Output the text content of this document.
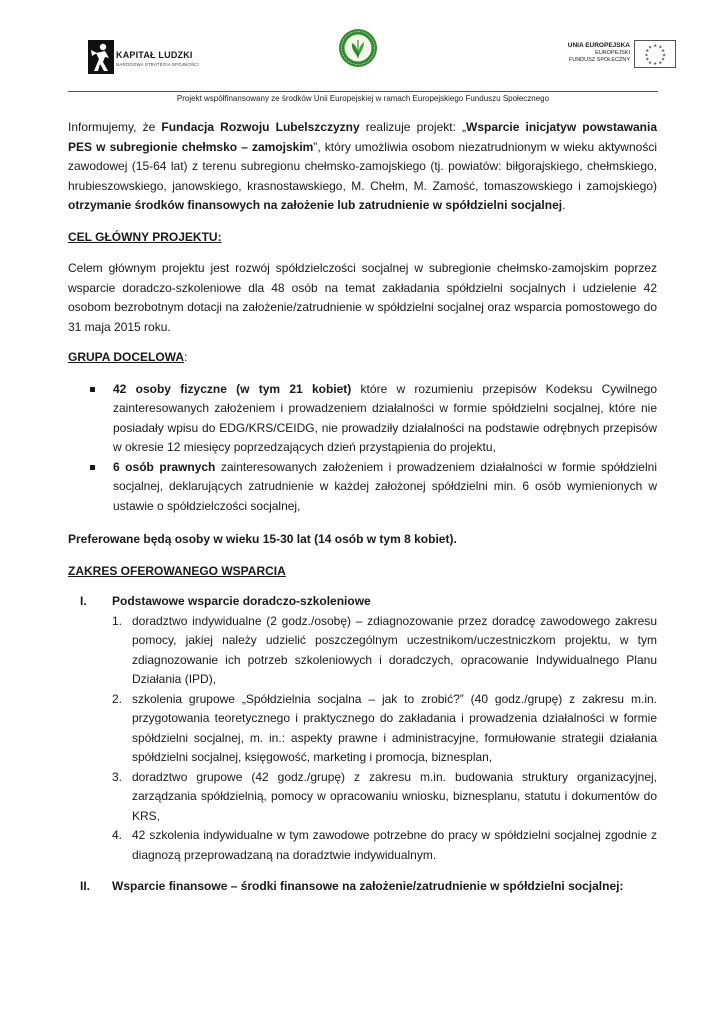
KAPITAŁ LUDZKI
NARODOWA STRATEGIA SPÓJNOŚCI
UNIA EUROPEJSKA
EUROPEJSKI
FUNDUSZ SPOŁECZNY
★ ★
★
★
★
★
★
★
★
★
★
★
Projekt współfinansowany ze środków Unii Europejskiej w ramach Europejskiego Funduszu Społecznego

Informujemy, że Fundacja Rozwoju Lubelszczyzny realizuje projekt: „Wsparcie inicjatyw powstawania PES w subregionie chełmsko – zamojskim”, który umożliwia osobom niezatrudnionym w wieku aktywności zawodowej (15-64 lat) z terenu subregionu chełmsko-zamojskiego (tj. powiatów: biłgorajskiego, chełmskiego, hrubieszowskiego, janowskiego, krasnostawskiego, M. Chełm, M. Zamość, tomaszowskiego i zamojskiego) otrzymanie środków finansowych na założenie lub zatrudnienie w spółdzielni socjalnej.

CEL GŁÓWNY PROJEKTU:

Celem głównym projektu jest rozwój spółdzielczości socjalnej w subregionie chełmsko-zamojskim poprzez wsparcie doradczo-szkoleniowe dla 48 osób na temat zakładania spółdzielni socjalnych i udzielenie 42 osobom bezrobotnym dotacji na założenie/zatrudnienie w spółdzielni socjalnej oraz wsparcia pomostowego do 31 maja 2015 roku.

GRUPA DOCELOWA:

42 osoby fizyczne (w tym 21 kobiet) które w rozumieniu przepisów Kodeksu Cywilnego zainteresowanych założeniem i prowadzeniem działalności w formie spółdzielni socjalnej, które nie posiadały wpisu do EDG/KRS/CEIDG, nie prowadziły działalności na podstawie odrębnych przepisów w okresie 12 miesięcy poprzedzających dzień przystąpienia do projektu,
6 osób prawnych zainteresowanych założeniem i prowadzeniem działalności w formie spółdzielni socjalnej, deklarujących zatrudnienie w każdej założonej spółdzielni min. 6 osób wymienionych w ustawie o spółdzielczości socjalnej,

Preferowane będą osoby w wieku 15-30 lat (14 osób w tym 8 kobiet).

ZAKRES OFEROWANEGO WSPARCIA

I. Podstawowe wsparcie doradczo-szkoleniowe
1. doradztwo indywidualne (2 godz./osobę) – zdiagnozowanie przez doradcę zawodowego zakresu pomocy, jakiej należy udzielić poszczególnym uczestnikom/uczestniczkom projektu, w tym zdiagnozowanie ich potrzeb szkoleniowych i doradczych, opracowanie Indywidualnego Planu Działania (IPD),
2. szkolenia grupowe „Spółdzielnia socjalna – jak to zrobić?” (40 godz./grupę) z zakresu m.in. przygotowania teoretycznego i praktycznego do zakładania i prowadzenia działalności w formie spółdzielni socjalnej, m. in.: aspekty prawne i administracyjne, formułowanie strategii działania spółdzielni socjalnej, księgowość, marketing i promocja, biznesplan,
3. doradztwo grupowe (42 godz./grupę) z zakresu m.in. budowania struktury organizacyjnej, zarządzania spółdzielnią, pomocy w opracowaniu wniosku, biznesplanu, statutu i dokumentów do KRS,
4. 42 szkolenia indywidualne w tym zawodowe potrzebne do pracy w spółdzielni socjalnej zgodnie z diagnozą przeprowadzaną na doradztwie indywidualnym.
II. Wsparcie finansowe – środki finansowe na założenie/zatrudnienie w spółdzielni socjalnej:
